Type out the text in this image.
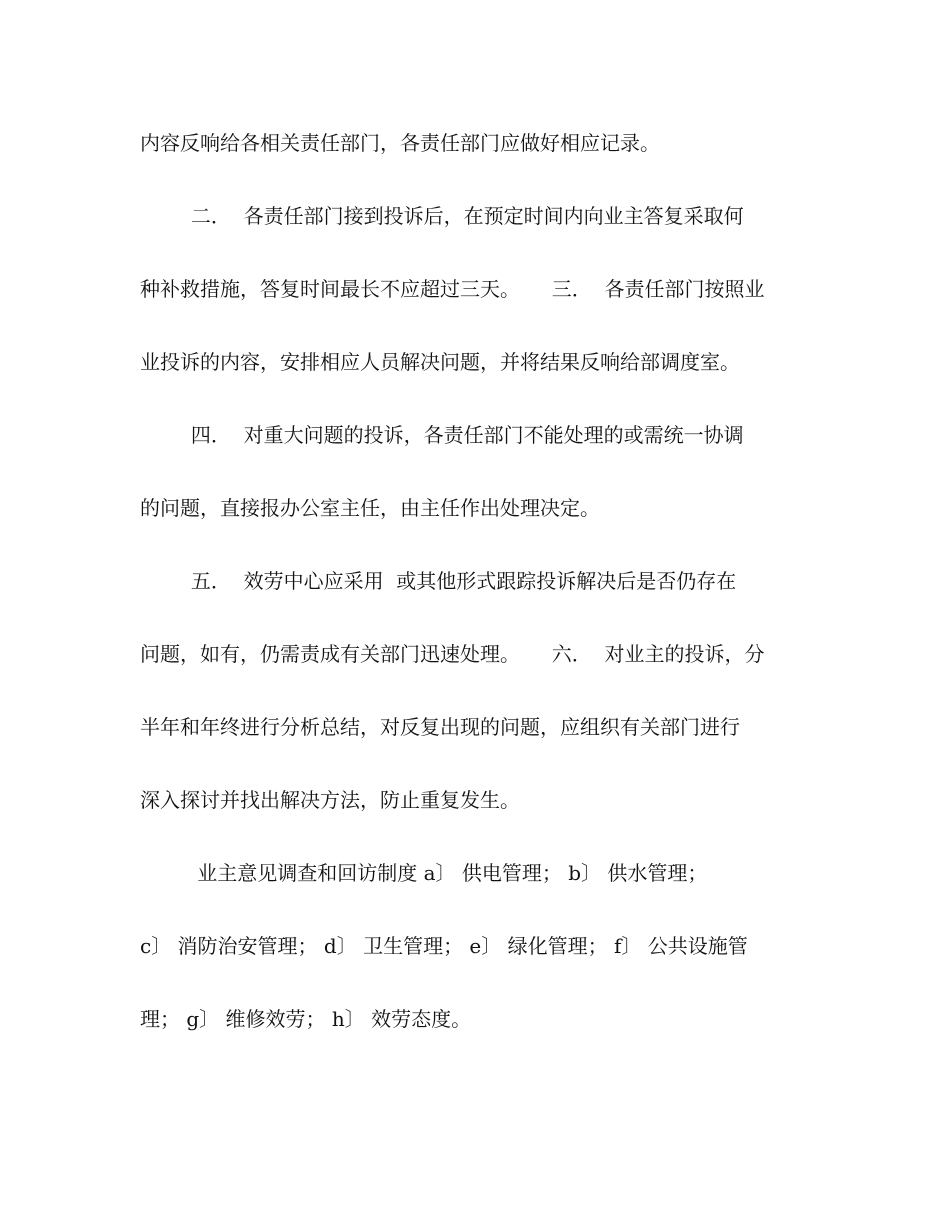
内容反响给各相关责任部门，各责任部门应做好相应记录。
二．  各责任部门接到投诉后，在预定时间内向业主答复采取何
种补救措施，答复时间最长不应超过三天。     三．  各责任部门按照业
业投诉的内容，安排相应人员解决问题，并将结果反响给部调度室。
四．  对重大问题的投诉，各责任部门不能处理的或需统一协调
的问题，直接报办公室主任，由主任作出处理决定。
五．  效劳中心应采用  或其他形式跟踪投诉解决后是否仍存在
问题，如有，仍需责成有关部门迅速处理。     六．  对业主的投诉，分
半年和年终进行分析总结，对反复出现的问题，应组织有关部门进行
深入探讨并找出解决方法，防止重复发生。
业主意见调查和回访制度 a〕 供电管理； b〕 供水管理；
c〕 消防治安管理； d〕 卫生管理； e〕 绿化管理； f〕 公共设施管
理； g〕 维修效劳； h〕 效劳态度。
